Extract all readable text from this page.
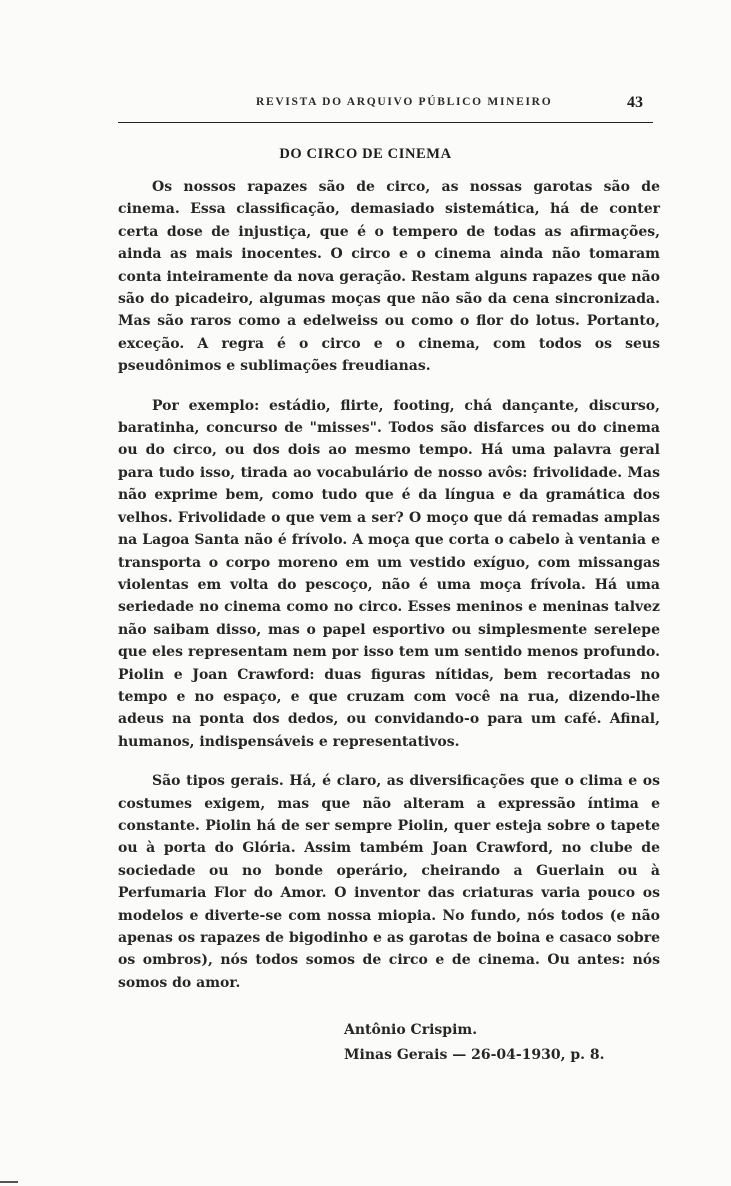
REVISTA DO ARQUIVO PÚBLICO MINEIRO	43
DO CIRCO DE CINEMA

Os nossos rapazes são de circo, as nossas garotas são de cinema. Essa classificação, demasiado sistemática, há de conter certa dose de injustiça, que é o tempero de todas as afirmações, ainda as mais inocentes. O circo e o cinema ainda não tomaram conta inteiramente da nova geração. Restam alguns rapazes que não são do picadeiro, algumas moças que não são da cena sincronizada. Mas são raros como a edelweiss ou como o flor do lotus. Portanto, exceção. A regra é o circo e o cinema, com todos os seus pseudônimos e sublimações freudianas.

Por exemplo: estádio, flirte, footing, chá dançante, discurso, baratinha, concurso de "misses". Todos são disfarces ou do cinema ou do circo, ou dos dois ao mesmo tempo. Há uma palavra geral para tudo isso, tirada ao vocabulário de nosso avôs: frivolidade. Mas não exprime bem, como tudo que é da língua e da gramática dos velhos. Frivolidade o que vem a ser? O moço que dá remadas amplas na Lagoa Santa não é frívolo. A moça que corta o cabelo à ventania e transporta o corpo moreno em um vestido exíguo, com missangas violentas em volta do pescoço, não é uma moça frívola. Há uma seriedade no cinema como no circo. Esses meninos e meninas talvez não saibam disso, mas o papel esportivo ou simplesmente serelepe que eles representam nem por isso tem um sentido menos profundo. Piolin e Joan Crawford: duas figuras nítidas, bem recortadas no tempo e no espaço, e que cruzam com você na rua, dizendo-lhe adeus na ponta dos dedos, ou convidando-o para um café. Afinal, humanos, indispensáveis e representativos.

São tipos gerais. Há, é claro, as diversificações que o clima e os costumes exigem, mas que não alteram a expressão íntima e constante. Piolin há de ser sempre Piolin, quer esteja sobre o tapete ou à porta do Glória. Assim também Joan Crawford, no clube de sociedade ou no bonde operário, cheirando a Guerlain ou à Perfumaria Flor do Amor. O inventor das criaturas varia pouco os modelos e diverte-se com nossa miopia. No fundo, nós todos (e não apenas os rapazes de bigodinho e as garotas de boina e casaco sobre os ombros), nós todos somos de circo e de cinema. Ou antes: nós somos do amor.

Antônio Crispim.
Minas Gerais — 26-04-1930, p. 8.
